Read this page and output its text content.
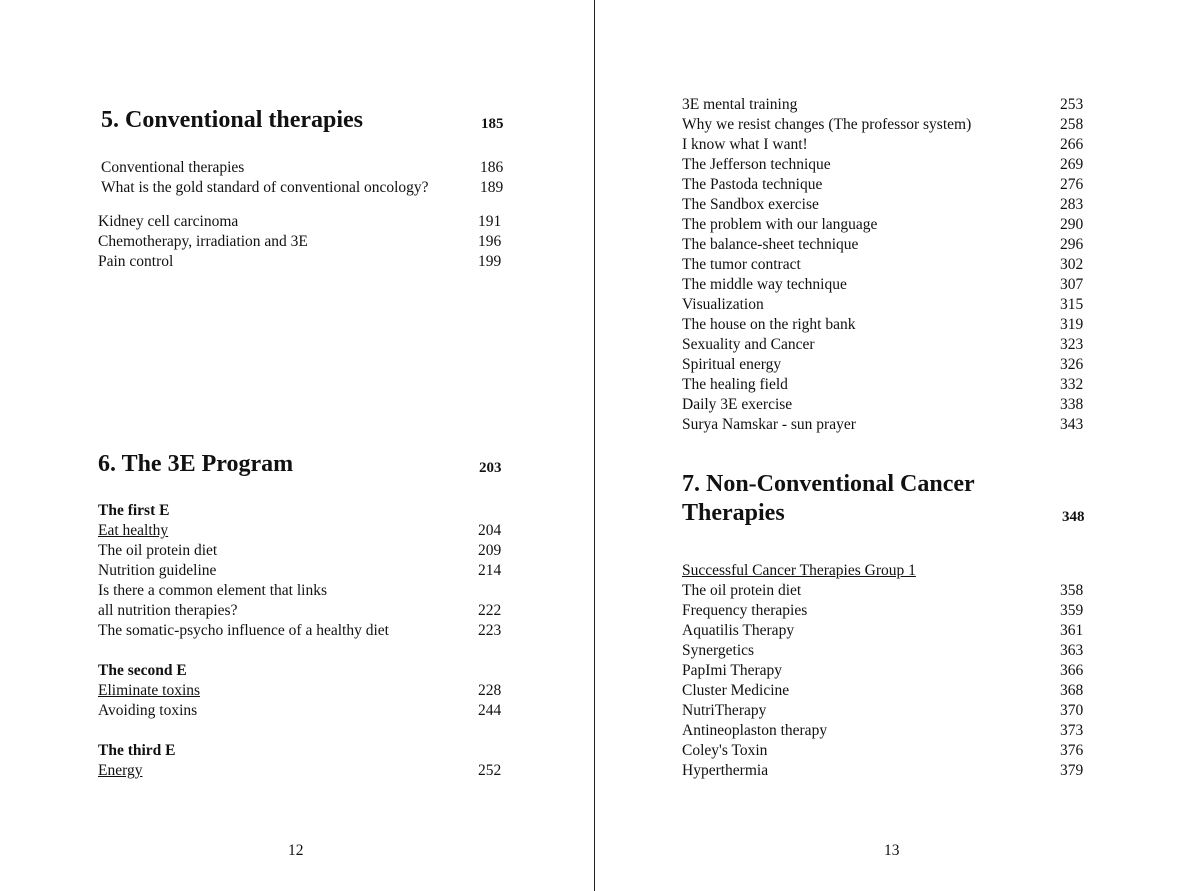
5. Conventional therapies	185
Conventional therapies	186
What is the gold standard of conventional oncology?	189
Kidney cell carcinoma	191
Chemotherapy, irradiation and 3E	196
Pain control	199
6. The 3E Program	203
The first E
Eat healthy	204
The oil protein diet	209
Nutrition guideline	214
Is there a common element that links
all nutrition therapies?	222
The somatic-psycho influence of a healthy diet	223
The second E
Eliminate toxins	228
Avoiding toxins	244
The third E
Energy	252
12
3E mental training	253
Why we resist changes (The professor system)	258
I know what I want!	266
The Jefferson technique	269
The Pastoda technique	276
The Sandbox exercise	283
The problem with our language	290
The balance-sheet technique	296
The tumor contract	302
The middle way technique	307
Visualization	315
The house on the right bank	319
Sexuality and Cancer	323
Spiritual energy	326
The healing field	332
Daily 3E exercise	338
Surya Namskar - sun prayer	343
7. Non-Conventional Cancer
Therapies	348
Successful Cancer Therapies Group 1
The oil protein diet	358
Frequency therapies	359
Aquatilis Therapy	361
Synergetics	363
PapImi Therapy	366
Cluster Medicine	368
NutriTherapy	370
Antineoplaston therapy	373
Coley's Toxin	376
Hyperthermia	379
13
